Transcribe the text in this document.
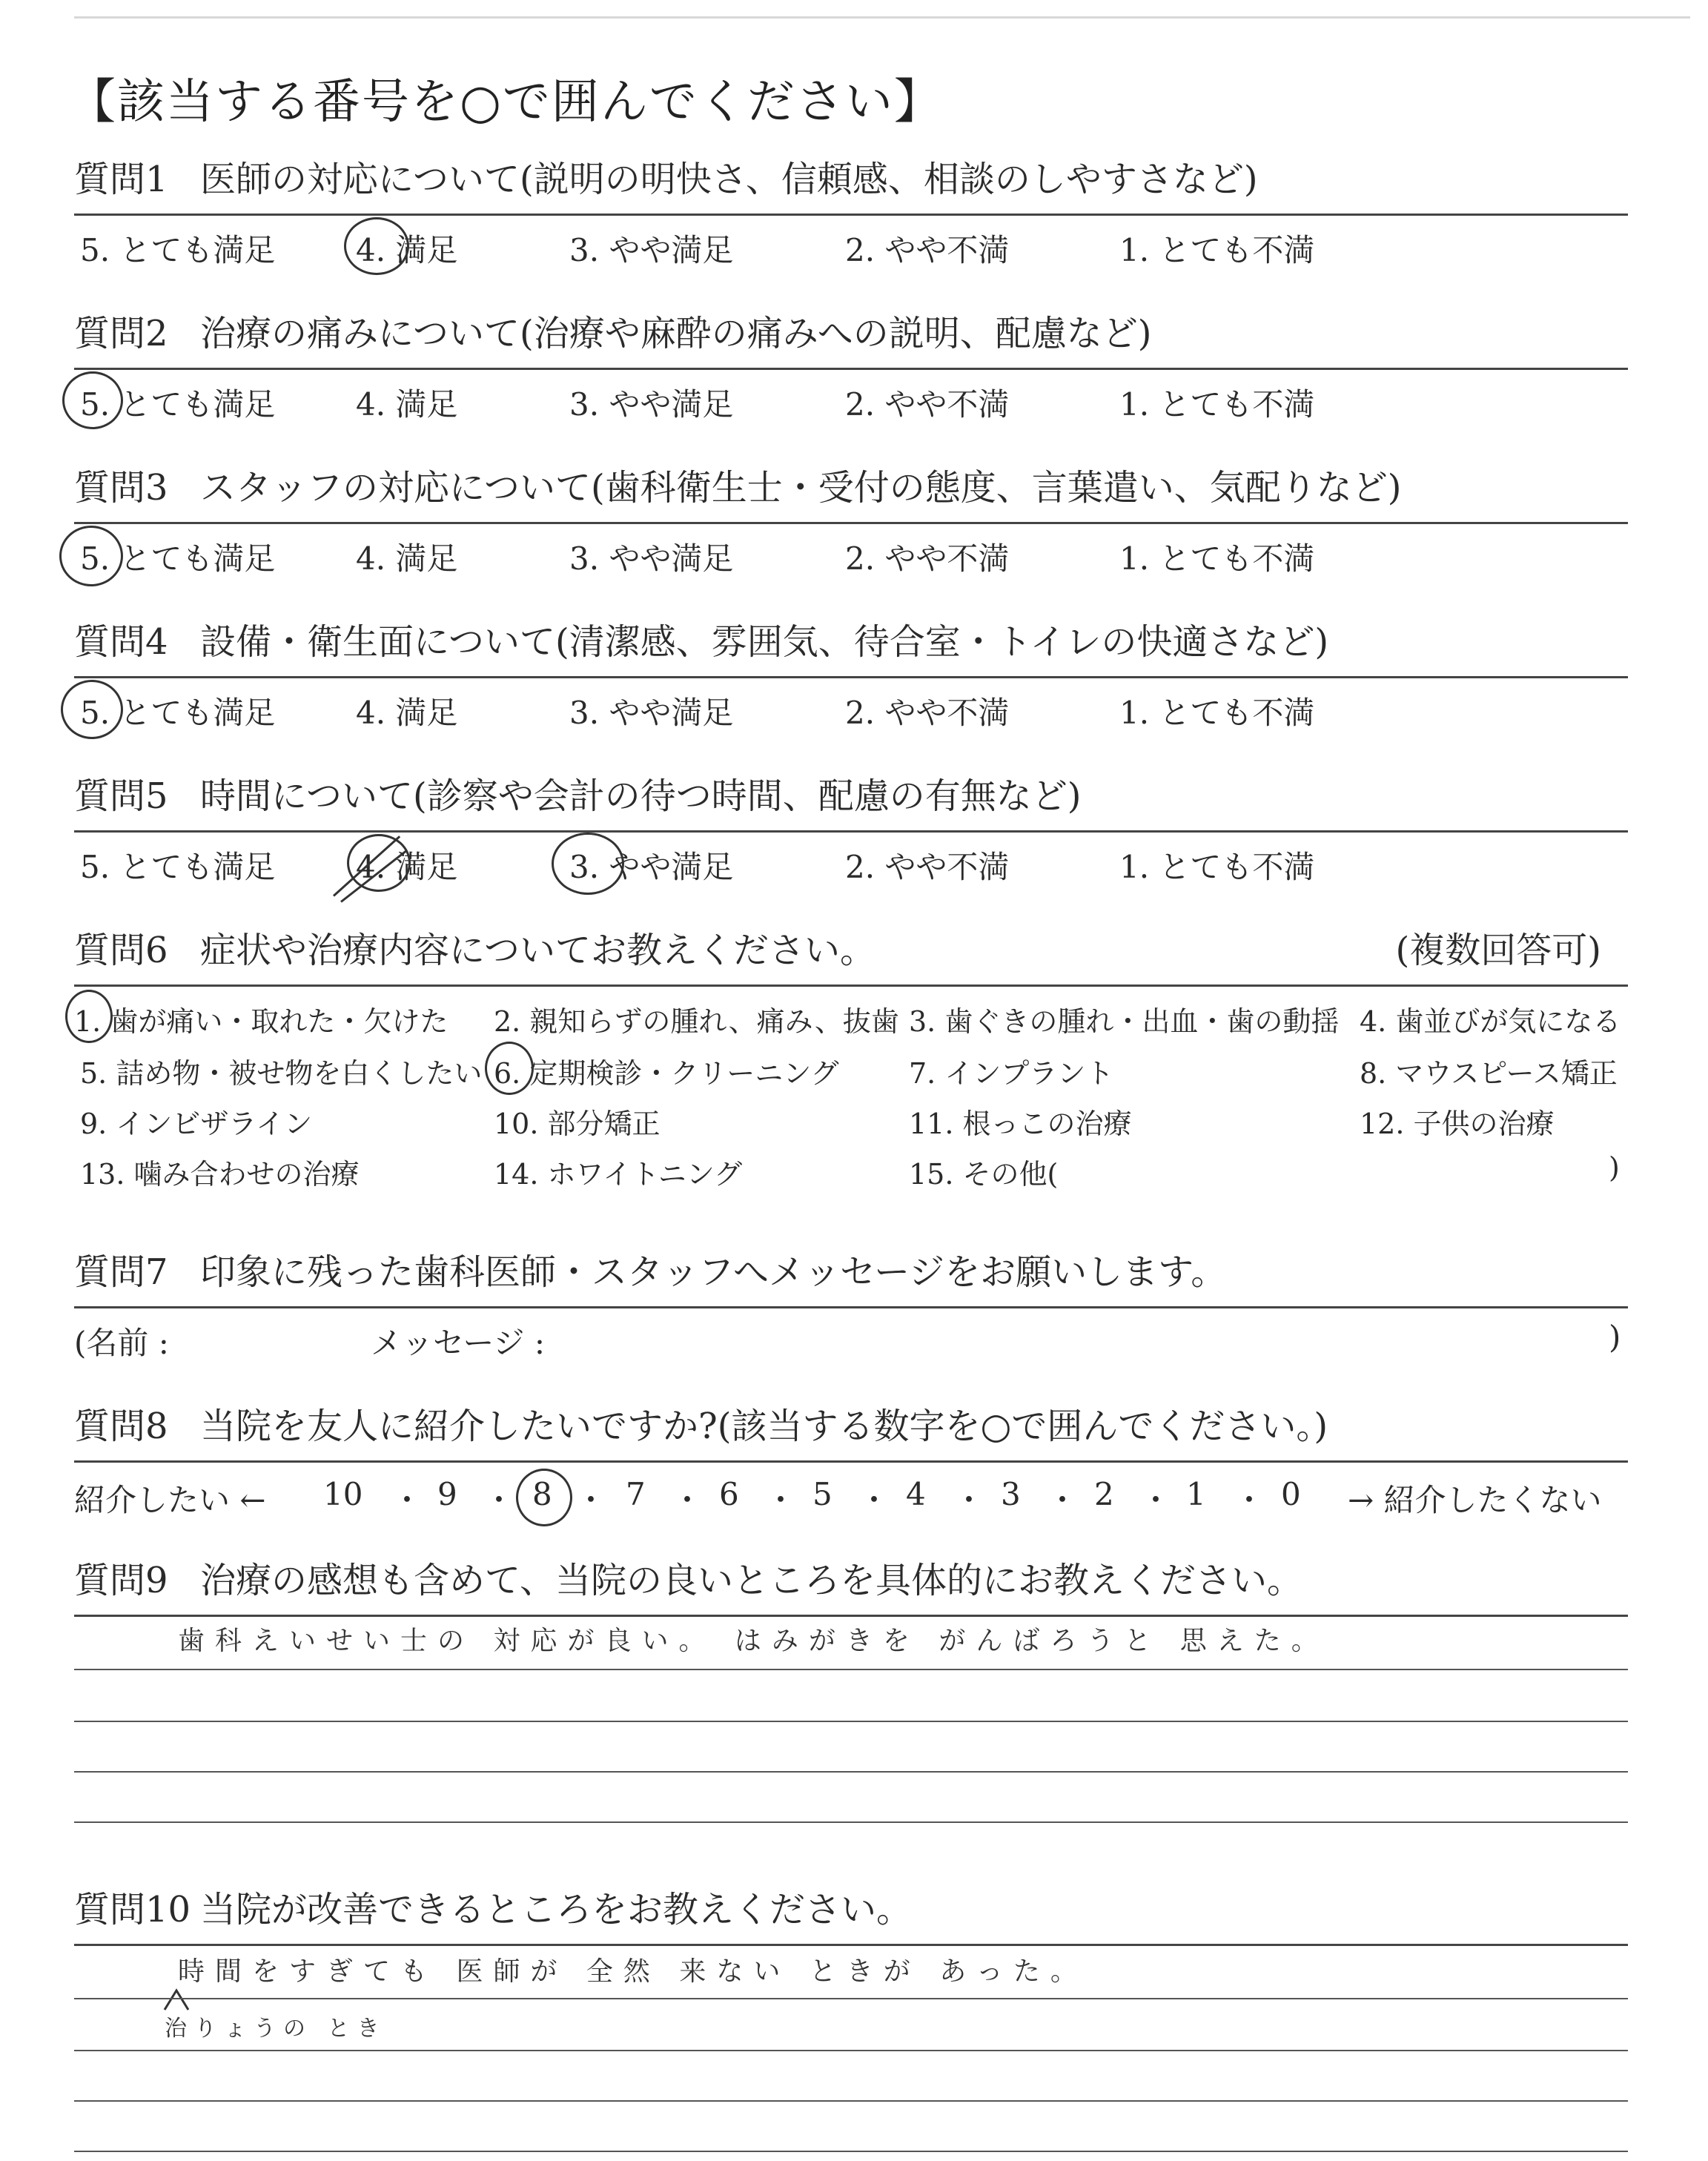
【該当する番号を○で囲んでください】
質問1 医師の対応について(説明の明快さ、信頼感、相談のしやすさなど)
5. とても満足	4. 満足	3. やや満足	2. やや不満	1. とても不満
質問2 治療の痛みについて(治療や麻酔の痛みへの説明、配慮など)
5. とても満足	4. 満足	3. やや満足	2. やや不満	1. とても不満
質問3 スタッフの対応について(歯科衛生士・受付の態度、言葉遣い、気配りなど)
5. とても満足	4. 満足	3. やや満足	2. やや不満	1. とても不満
質問4 設備・衛生面について(清潔感、雰囲気、待合室・トイレの快適さなど)
5. とても満足	4. 満足	3. やや満足	2. やや不満	1. とても不満
質問5 時間について(診察や会計の待つ時間、配慮の有無など)
5. とても満足	4. 満足	3. やや満足	2. やや不満	1. とても不満
質問6 症状や治療内容についてお教えください。	(複数回答可)
1. 歯が痛い・取れた・欠けた 2. 親知らずの腫れ、痛み、抜歯 3. 歯ぐきの腫れ・出血・歯の動揺 4. 歯並びが気になる
5. 詰め物・被せ物を白くしたい 6. 定期検診・クリーニング 7. インプラント	8. マウスピース矯正
9. インビザライン	10. 部分矯正	11. 根っこの治療	12. 子供の治療
13. 噛み合わせの治療	14. ホワイトニング	15. その他(	)
質問7 印象に残った歯科医師・スタッフへメッセージをお願いします。
(名前 :	メッセージ :	)
質問8 当院を友人に紹介したいですか?(該当する数字を○で囲んでください。)
紹介したい ← 10 ・ 9 ・ 8 ・ 7 ・ 6 ・ 5 ・ 4 ・ 3 ・ 2 ・ 1 ・ 0 → 紹介したくない
質問9 治療の感想も含めて、当院の良いところを具体的にお教えください。
歯科えいせい士の 対応が良い。 はみがきを がんばろうと 思えた。
質問10 当院が改善できるところをお教えください。
時間をすぎても 医師が 全然 来ない ときが あった。
治りょうの とき
